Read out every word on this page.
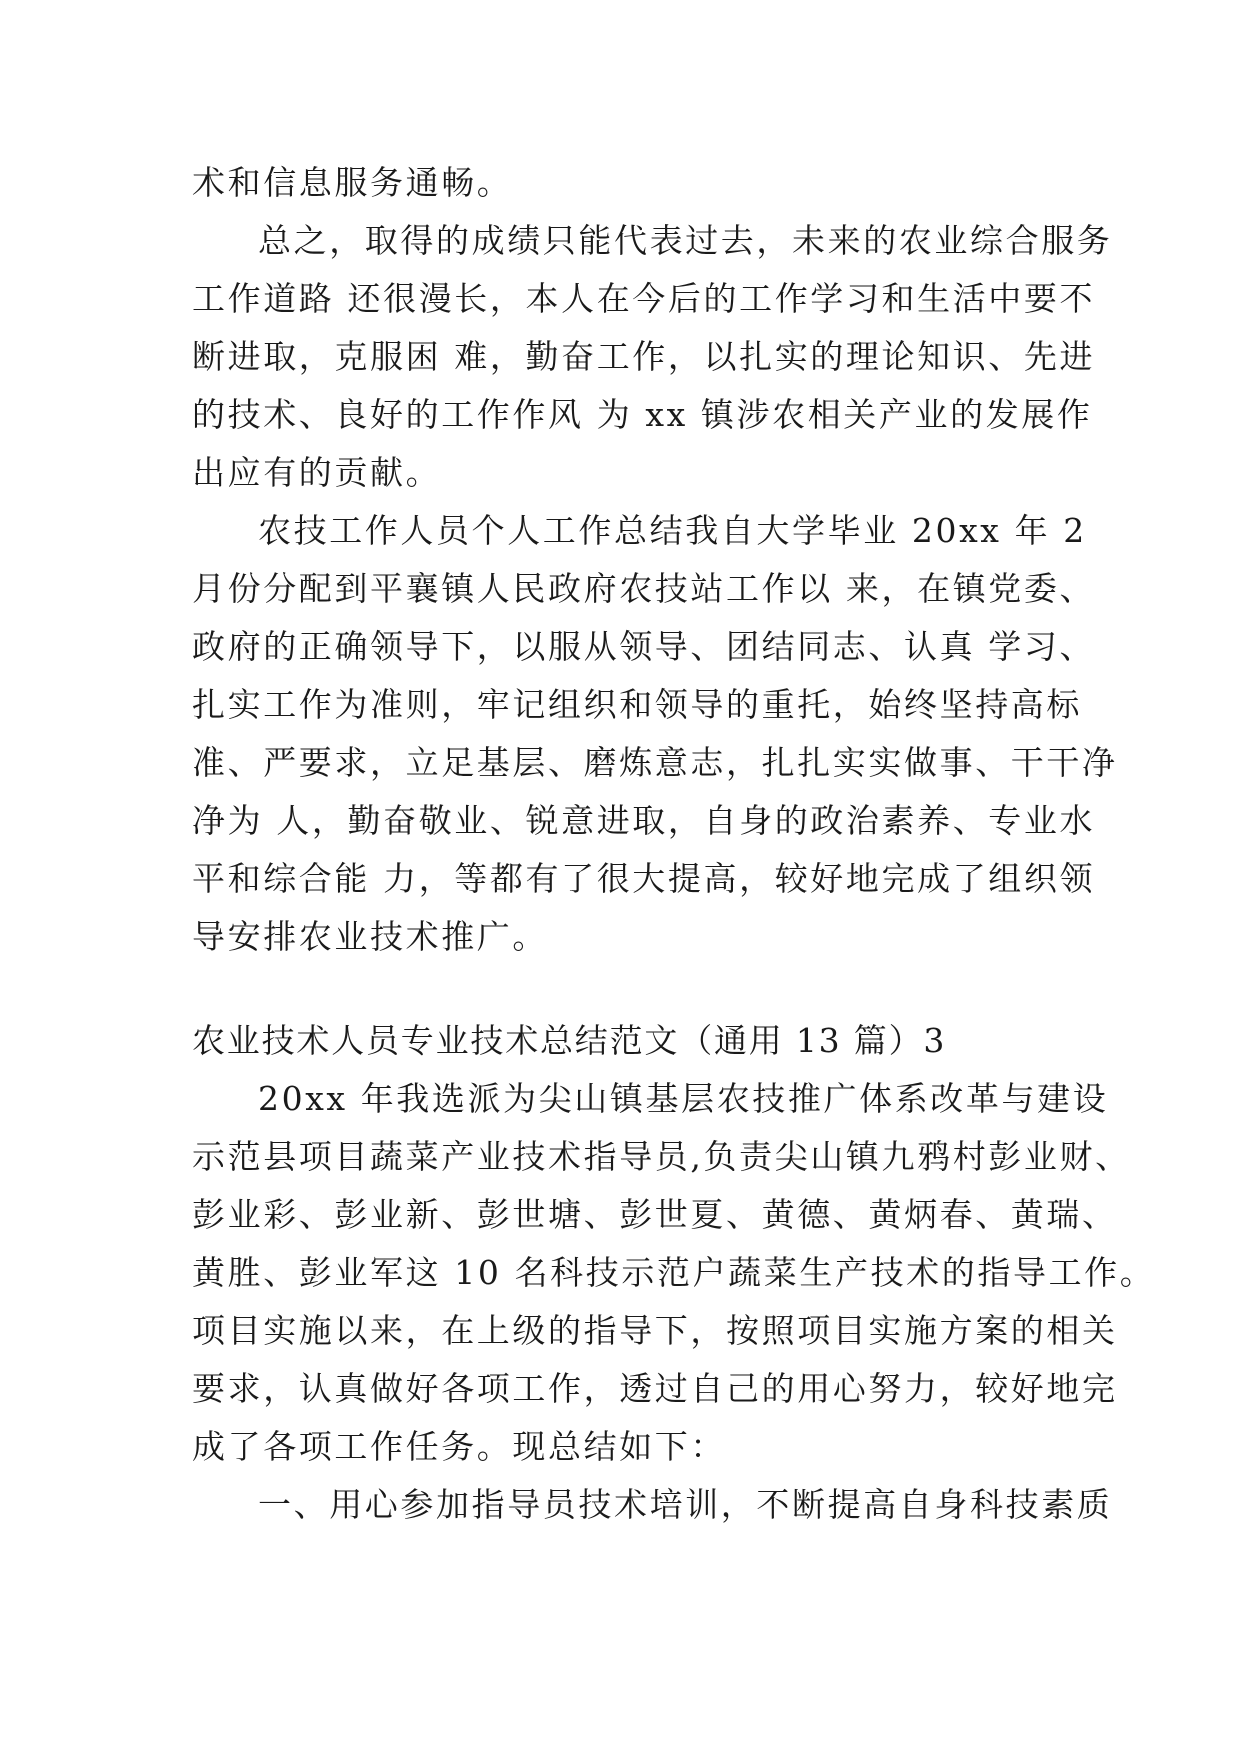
术和信息服务通畅。
总之，取得的成绩只能代表过去，未来的农业综合服务
工作道路 还很漫长，本人在今后的工作学习和生活中要不
断进取，克服困 难，勤奋工作，以扎实的理论知识、先进
的技术、良好的工作作风 为 xx 镇涉农相关产业的发展作
出应有的贡献。
农技工作人员个人工作总结我自大学毕业 20xx 年 2
月份分配到平襄镇人民政府农技站工作以 来，在镇党委、
政府的正确领导下，以服从领导、团结同志、认真 学习、
扎实工作为准则，牢记组织和领导的重托，始终坚持高标
准、严要求，立足基层、磨炼意志，扎扎实实做事、干干净
净为 人，勤奋敬业、锐意进取，自身的政治素养、专业水
平和综合能 力，等都有了很大提高，较好地完成了组织领
导安排农业技术推广。
农业技术人员专业技术总结范文（通用 13 篇）3
20xx 年我选派为尖山镇基层农技推广体系改革与建设
示范县项目蔬菜产业技术指导员,负责尖山镇九鸦村彭业财、
彭业彩、彭业新、彭世塘、彭世夏、黄德、黄炳春、黄瑞、
黄胜、彭业军这 10 名科技示范户蔬菜生产技术的指导工作。
项目实施以来，在上级的指导下，按照项目实施方案的相关
要求，认真做好各项工作，透过自己的用心努力，较好地完
成了各项工作任务。现总结如下：
一、用心参加指导员技术培训，不断提高自身科技素质
